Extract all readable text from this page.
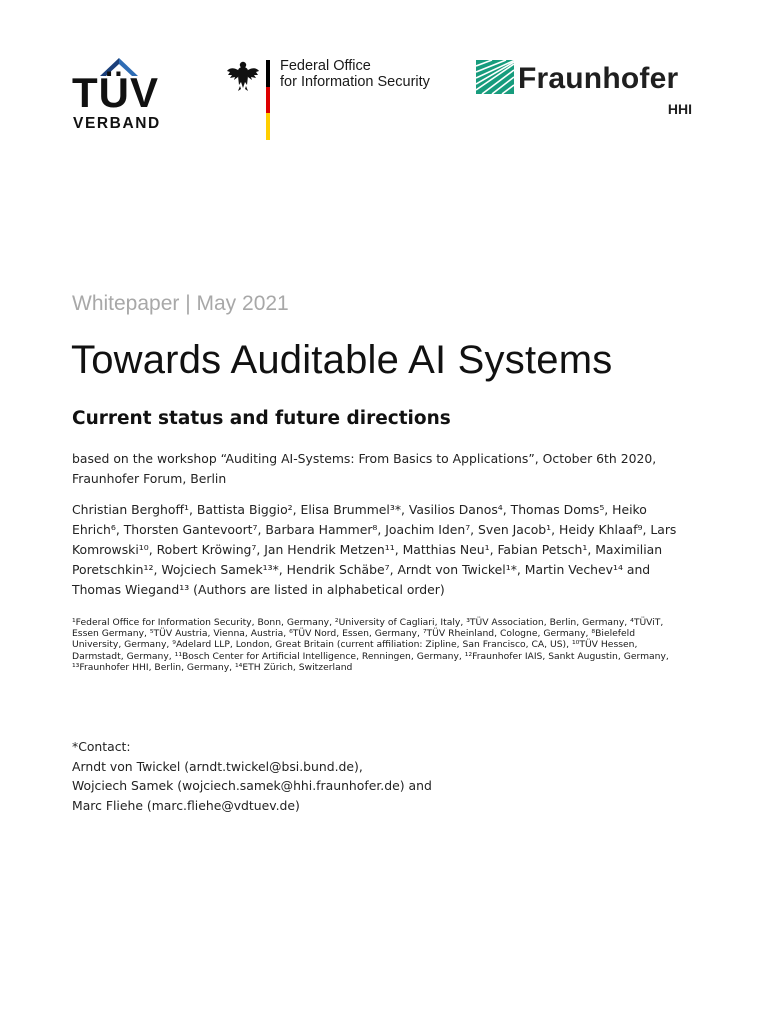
TÜV
VERBAND
Federal Office
for Information Security	Fraunhofer
HHI
Whitepaper | May 2021
Towards Auditable AI Systems
Current status and future directions

based on the workshop “Auditing AI-Systems: From Basics to Applications”, October 6th 2020, Fraunhofer Forum, Berlin

Christian Berghoff¹, Battista Biggio², Elisa Brummel³*, Vasilios Danos⁴, Thomas Doms⁵, Heiko Ehrich⁶, Thorsten Gantevoort⁷, Barbara Hammer⁸, Joachim Iden⁷, Sven Jacob¹, Heidy Khlaaf⁹, Lars Komrowski¹⁰, Robert Kröwing⁷, Jan Hendrik Metzen¹¹, Matthias Neu¹, Fabian Petsch¹, Maximilian Poretschkin¹², Wojciech Samek¹³*, Hendrik Schäbe⁷, Arndt von Twickel¹*, Martin Vechev¹⁴ and Thomas Wiegand¹³ (Authors are listed in alphabetical order)

¹Federal Office for Information Security, Bonn, Germany, ²University of Cagliari, Italy, ³TÜV Association, Berlin, Germany, ⁴TÜViT, Essen Germany, ⁵TÜV Austria, Vienna, Austria, ⁶TÜV Nord, Essen, Germany, ⁷TÜV Rheinland, Cologne, Germany, ⁸Bielefeld University, Germany, ⁹Adelard LLP, London, Great Britain (current affiliation: Zipline, San Francisco, CA, US), ¹⁰TÜV Hessen, Darmstadt, Germany, ¹¹Bosch Center for Artificial Intelligence, Renningen, Germany, ¹²Fraunhofer IAIS, Sankt Augustin, Germany, ¹³Fraunhofer HHI, Berlin, Germany, ¹⁴ETH Zürich, Switzerland

*Contact:
Arndt von Twickel (arndt.twickel@bsi.bund.de),
Wojciech Samek (wojciech.samek@hhi.fraunhofer.de) and
Marc Fliehe (marc.fliehe@vdtuev.de)
